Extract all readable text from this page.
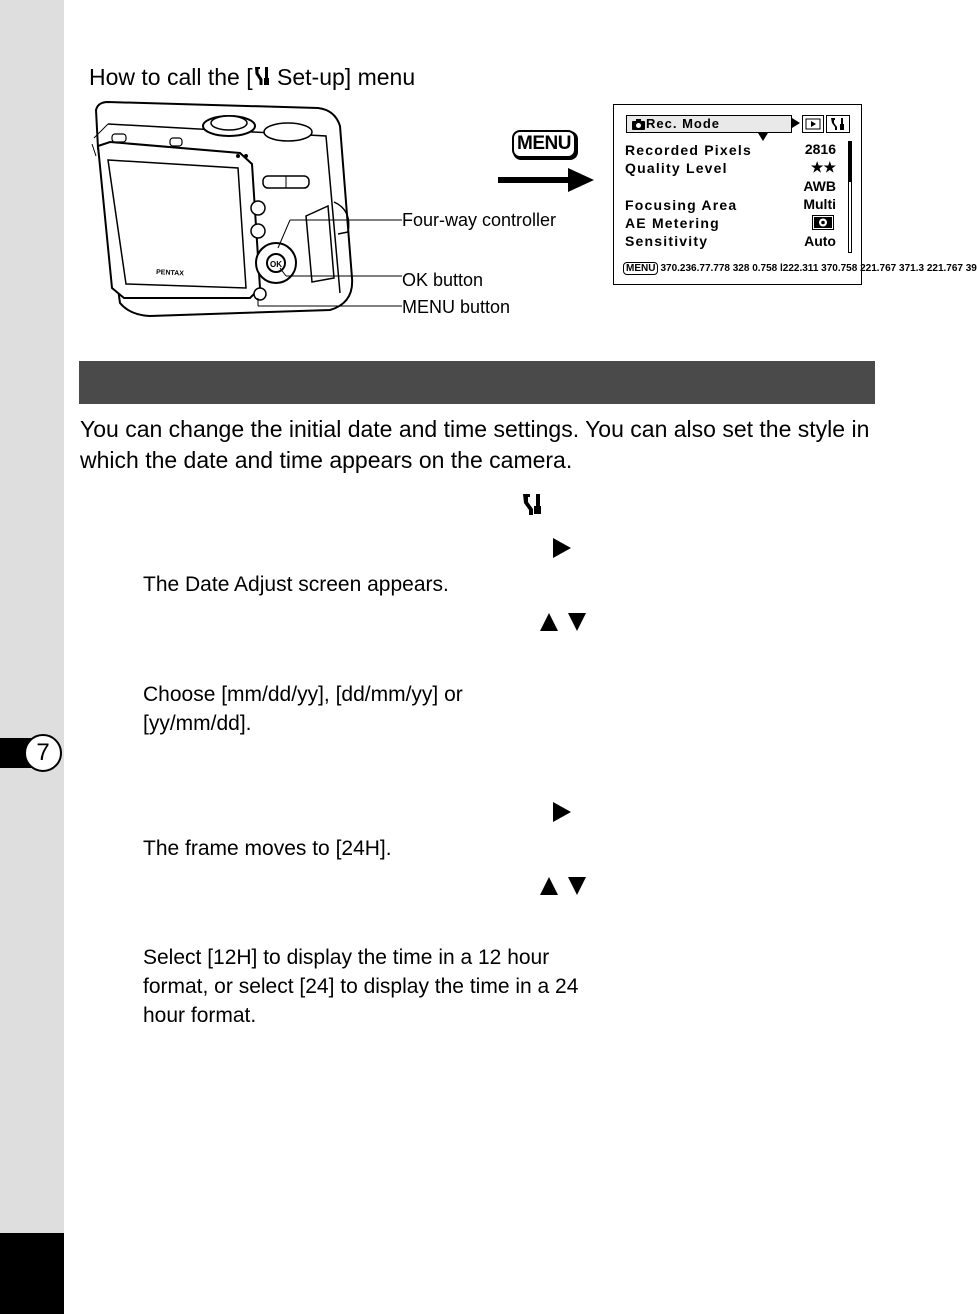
7
How to call the [ Set-up] menu
PENTAX
OK
Four-way controller
OK button
MENU button
MENU
Rec. Mode
Recorded Pixels	2816
Quality Level	★★
AWB
Focusing Area	Multi
AE Metering
Sensitivity	Auto
MENU 370.236.77.778 328 0.758 l222.311 370.758 221.767 371.3 221.767 39
You can change the initial date and time settings. You can also set the style in which the date and time appears on the camera.
The Date Adjust screen appears.
Choose [mm/dd/yy], [dd/mm/yy] or [yy/mm/dd].
The frame moves to [24H].
Select [12H] to display the time in a 12 hour format, or select [24] to display the time in a 24 hour format.
